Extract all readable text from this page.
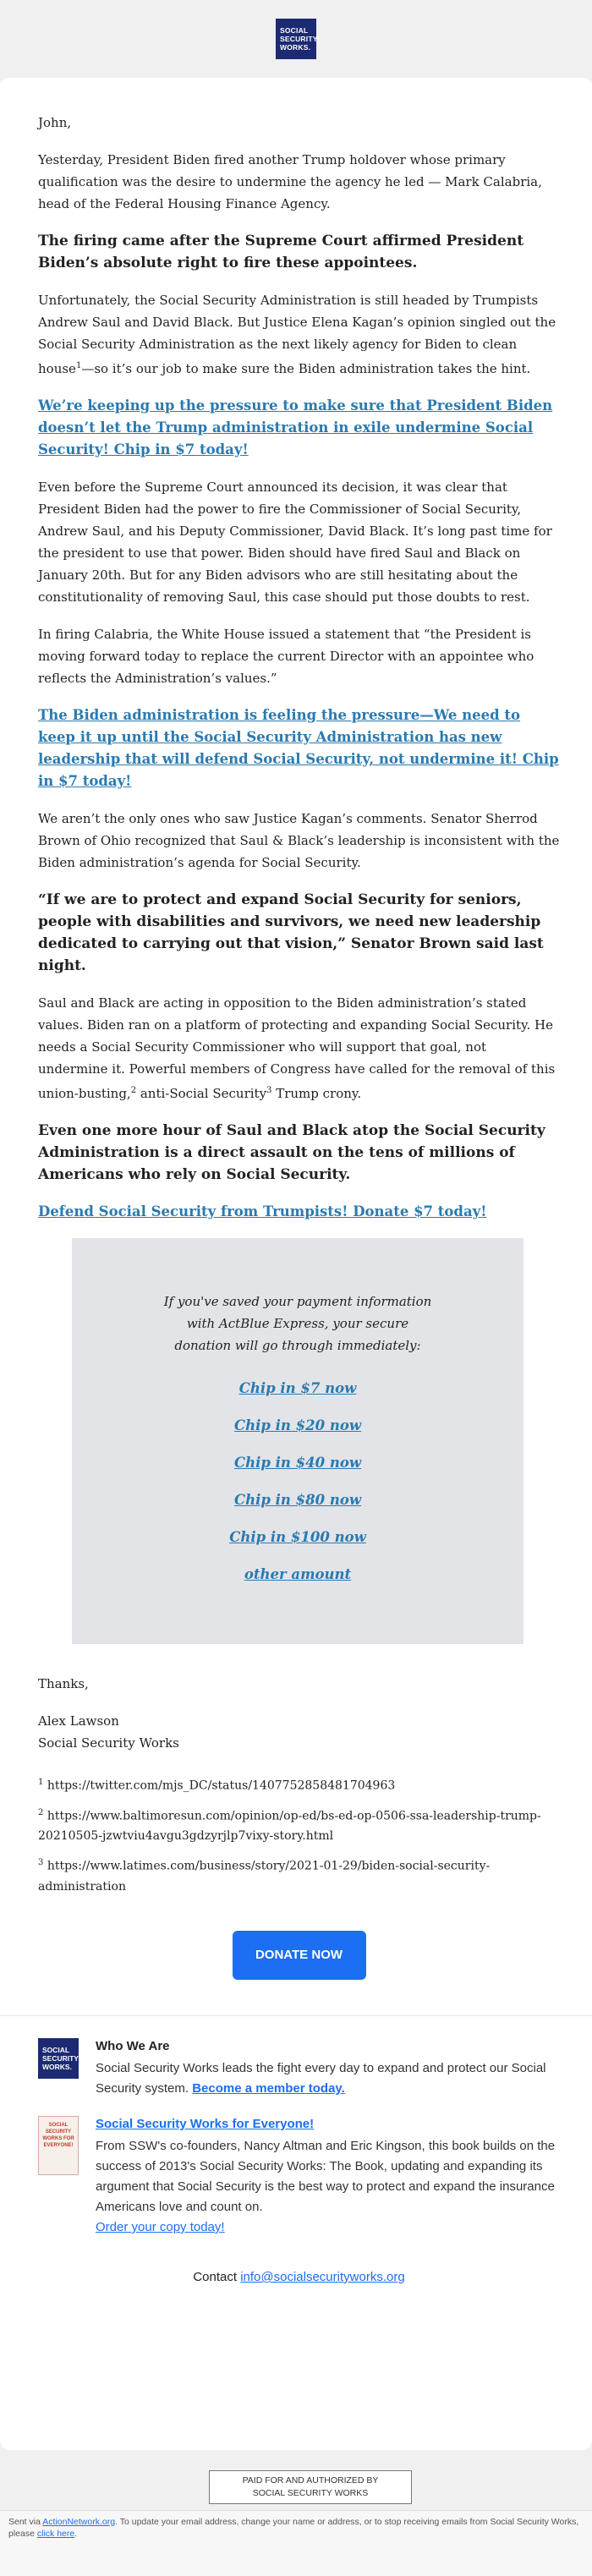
SOCIAL SECURITY WORKS.

John,

Yesterday, President Biden fired another Trump holdover whose primary qualification was the desire to undermine the agency he led — Mark Calabria, head of the Federal Housing Finance Agency.

The firing came after the Supreme Court affirmed President Biden’s absolute right to fire these appointees.

Unfortunately, the Social Security Administration is still headed by Trumpists Andrew Saul and David Black. But Justice Elena Kagan’s opinion singled out the Social Security Administration as the next likely agency for Biden to clean house$^1$—so it’s our job to make sure the Biden administration takes the hint.

We’re keeping up the pressure to make sure that President Biden doesn’t let the Trump administration in exile undermine Social Security! Chip in $7 today!

Even before the Supreme Court announced its decision, it was clear that President Biden had the power to fire the Commissioner of Social Security, Andrew Saul, and his Deputy Commissioner, David Black. It’s long past time for the president to use that power. Biden should have fired Saul and Black on January 20th. But for any Biden advisors who are still hesitating about the constitutionality of removing Saul, this case should put those doubts to rest.

In firing Calabria, the White House issued a statement that “the President is moving forward today to replace the current Director with an appointee who reflects the Administration’s values.”

The Biden administration is feeling the pressure—We need to keep it up until the Social Security Administration has new leadership that will defend Social Security, not undermine it! Chip in $7 today!

We aren’t the only ones who saw Justice Kagan’s comments. Senator Sherrod Brown of Ohio recognized that Saul & Black’s leadership is inconsistent with the Biden administration’s agenda for Social Security.

“If we are to protect and expand Social Security for seniors, people with disabilities and survivors, we need new leadership dedicated to carrying out that vision,” Senator Brown said last night.

Saul and Black are acting in opposition to the Biden administration’s stated values. Biden ran on a platform of protecting and expanding Social Security. He needs a Social Security Commissioner who will support that goal, not undermine it. Powerful members of Congress have called for the removal of this union-busting,$^2$ anti-Social Security$^3$ Trump crony.

Even one more hour of Saul and Black atop the Social Security Administration is a direct assault on the tens of millions of Americans who rely on Social Security.

Defend Social Security from Trumpists! Donate $7 today!

If you've saved your payment information with ActBlue Express, your secure donation will go through immediately:

Chip in $7 now
Chip in $20 now
Chip in $40 now
Chip in $80 now
Chip in $100 now
other amount

Thanks,

Alex Lawson

Social Security Works

$^1$ https://twitter.com/mjs_DC/status/1407752858481704963

$^2$ https://www.baltimoresun.com/opinion/op-ed/bs-ed-op-0506-ssa-leadership-trump-20210505-jzwtviu4avgu3gdzyrjlp7vixy-story.html

$^3$ https://www.latimes.com/business/story/2021-01-29/biden-social-security-administration

DONATE NOW
SOCIAL SECURITY WORKS.
Who We Are

Social Security Works leads the fight every day to expand and protect our Social Security system. Become a member today.

SOCIAL SECURITY WORKS FOR EVERYONE!
Social Security Works for Everyone!

From SSW's co-founders, Nancy Altman and Eric Kingson, this book builds on the success of 2013's Social Security Works: The Book, updating and expanding its argument that Social Security is the best way to protect and expand the insurance Americans love and count on.

Order your copy today!

Contact info@socialsecurityworks.org

PAID FOR AND AUTHORIZED BY
SOCIAL SECURITY WORKS
Sent via ActionNetwork.org. To update your email address, change your name or address, or to stop receiving emails from Social Security Works, please click here.
